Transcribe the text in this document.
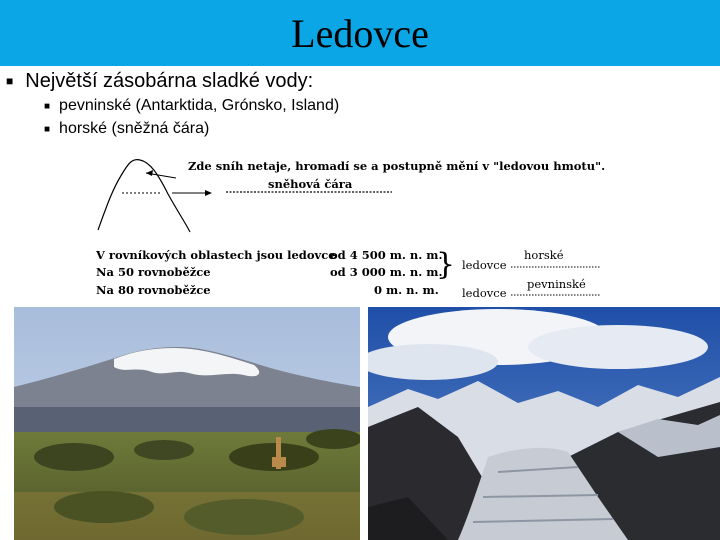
Ledovce
■ Největší zásobárna sladké vody:
■ pevninské (Antarktida, Grónsko, Island)
■ horské (sněžná čára)
Zde sníh netaje, hromadí se a postupně mění v "ledovou hmotu".
sněhová čára
V rovníkových oblastech jsou ledovce
Na 50 rovnoběžce
Na 80 rovnoběžce
od 4 500 m. n. m.
od 3 000 m. n. m.
0 m. n. m.
} ledovce
horské
ledovce
pevninské
